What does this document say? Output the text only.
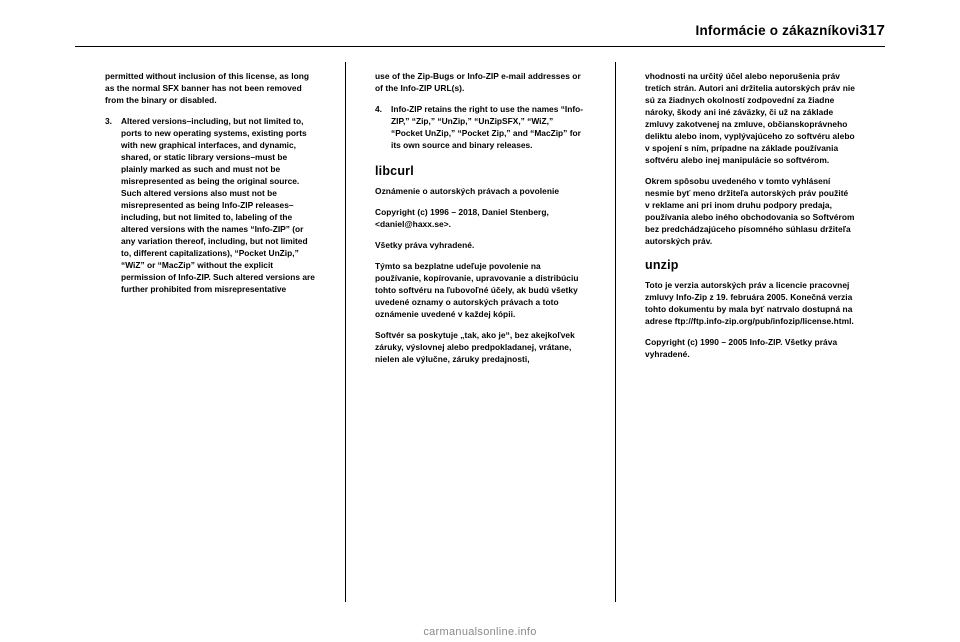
Informácie o zákazníkovi317

permitted without inclusion of this license, as long as the normal SFX banner has not been removed from the binary or disabled.

3. Altered versions–including, but not limited to, ports to new operating systems, existing ports with new graphical interfaces, and dynamic, shared, or static library versions–must be plainly marked as such and must not be misrepresented as being the original source. Such altered versions also must not be misrepresented as being Info-ZIP releases–including, but not limited to, labeling of the altered versions with the names “Info-ZIP” (or any variation thereof, including, but not limited to, different capitalizations), “Pocket UnZip,” “WiZ” or “MacZip” without the explicit permission of Info-ZIP. Such altered versions are further prohibited from misrepresentative

use of the Zip-Bugs or Info-ZIP e-mail addresses or of the Info-ZIP URL(s).

4. Info-ZIP retains the right to use the names “Info-ZIP,” “Zip,” “UnZip,” “UnZipSFX,” “WiZ,” “Pocket UnZip,” “Pocket Zip,” and “MacZip” for its own source and binary releases.
libcurl

Oznámenie o autorských právach a povolenie

Copyright (c) 1996 – 2018, Daniel Stenberg, <daniel@haxx.se>.

Všetky práva vyhradené.

Týmto sa bezplatne udeľuje povolenie na používanie, kopírovanie, upravovanie a distribúciu tohto softvéru na ľubovoľné účely, ak budú všetky uvedené oznamy o autorských právach a toto oznámenie uvedené v každej kópii.

Softvér sa poskytuje „tak, ako je“, bez akejkoľvek záruky, výslovnej alebo predpokladanej, vrátane, nielen ale výlučne, záruky predajnosti,

vhodnosti na určitý účel alebo neporušenia práv tretích strán. Autori ani držitelia autorských práv nie sú za žiadnych okolností zodpovední za žiadne nároky, škody ani iné záväzky, či už na základe zmluvy zakotvenej na zmluve, občianskoprávneho deliktu alebo inom, vyplývajúceho zo softvéru alebo v spojení s ním, prípadne na základe používania softvéru alebo inej manipulácie so softvérom.

Okrem spôsobu uvedeného v tomto vyhlásení nesmie byť meno držiteľa autorských práv použité v reklame ani pri inom druhu podpory predaja, používania alebo iného obchodovania so Softvérom bez predchádzajúceho písomného súhlasu držiteľa autorských práv.

unzip

Toto je verzia autorských práv a licencie pracovnej zmluvy Info-Zip z 19. februára 2005. Konečná verzia tohto dokumentu by mala byť natrvalo dostupná na adrese ftp://ftp.info-zip.org/pub/infozip/license.html.

Copyright (c) 1990 – 2005 Info-ZIP. Všetky práva vyhradené.

carmanualsonline.info
